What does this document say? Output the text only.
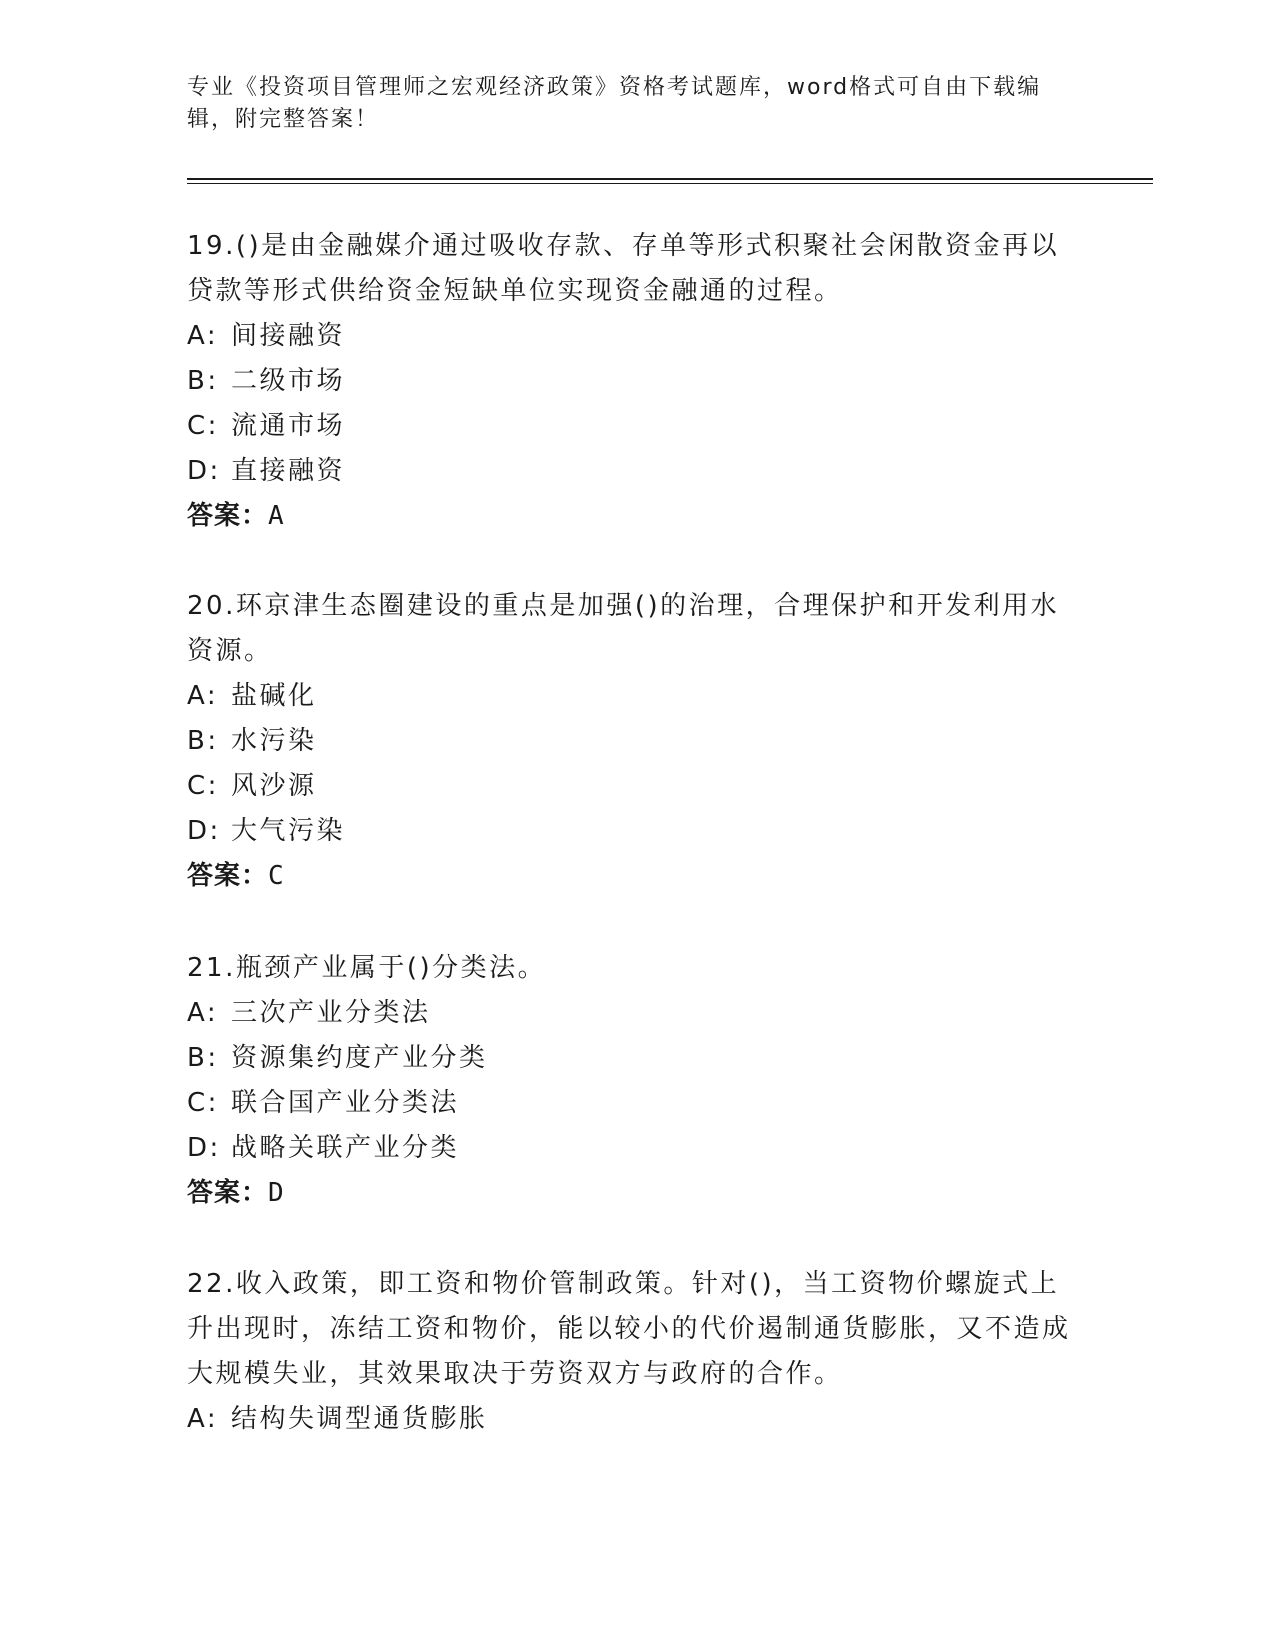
专业《投资项目管理师之宏观经济政策》资格考试题库，word格式可自由下载编辑，附完整答案！
19.()是由金融媒介通过吸收存款、存单等形式积聚社会闲散资金再以贷款等形式供给资金短缺单位实现资金融通的过程。
A: 间接融资
B: 二级市场
C: 流通市场
D: 直接融资
答案：A
20.环京津生态圈建设的重点是加强()的治理，合理保护和开发利用水资源。
A: 盐碱化
B: 水污染
C: 风沙源
D: 大气污染
答案：C
21.瓶颈产业属于()分类法。
A: 三次产业分类法
B: 资源集约度产业分类
C: 联合国产业分类法
D: 战略关联产业分类
答案：D
22.收入政策，即工资和物价管制政策。针对()，当工资物价螺旋式上升出现时，冻结工资和物价，能以较小的代价遏制通货膨胀，又不造成大规模失业，其效果取决于劳资双方与政府的合作。
A: 结构失调型通货膨胀
